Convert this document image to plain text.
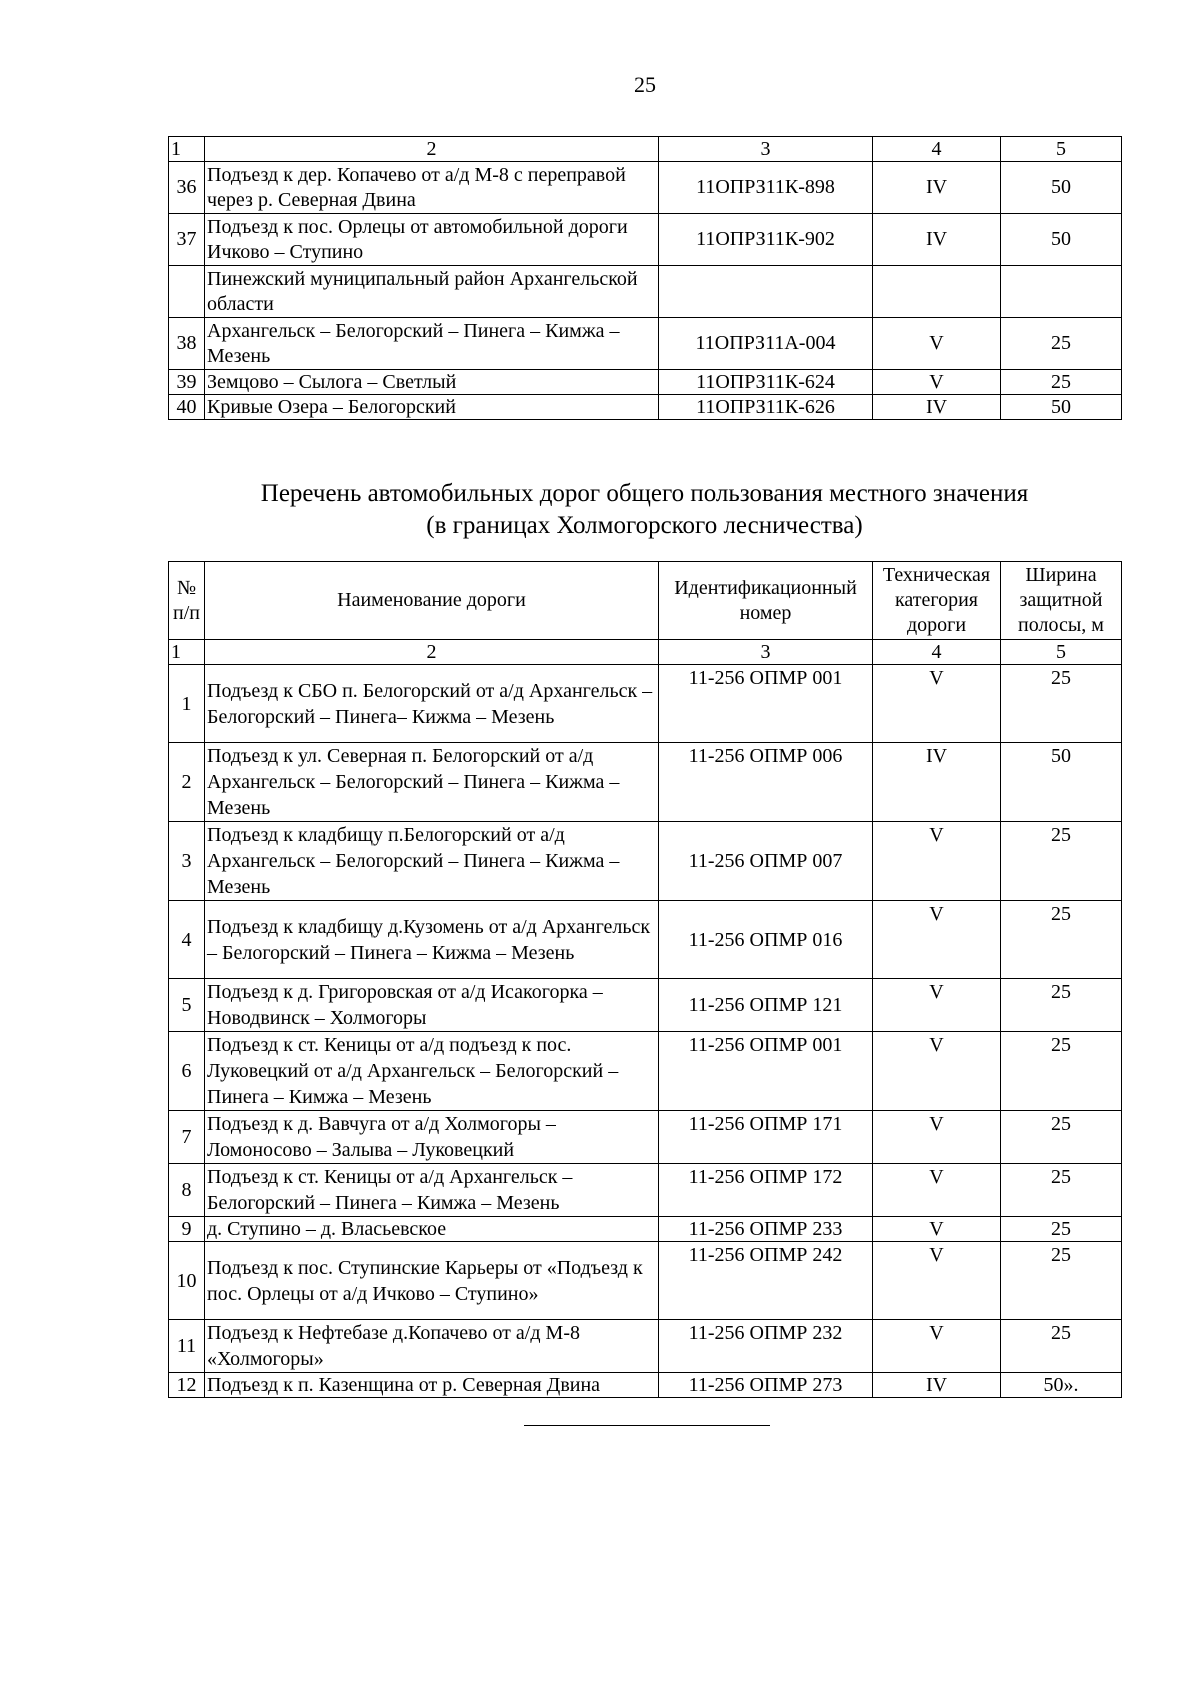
25
1	2	3	4	5
36	Подъезд к дер. Копачево от а/д М-8 с переправой через р. Северная Двина	11ОПРЗ11К-898	IV	50
37	Подъезд к пос. Орлецы от автомобильной дороги Ичково – Ступино	11ОПРЗ11К-902	IV	50
	Пинежский муниципальный район Архангельской области			
38	Архангельск – Белогорский – Пинега – Кимжа – Мезень	11ОПРЗ11А-004	V	25
39	Земцово – Сылога – Светлый	11ОПРЗ11К-624	V	25
40	Кривые Озера – Белогорский	11ОПРЗ11К-626	IV	50
Перечень автомобильных дорог общего пользования местного значения
(в границах Холмогорского лесничества)
№ п/п	Наименование дороги	Идентификационный номер	Техническая категория дороги	Ширина защитной полосы, м
1	2	3	4	5
1	Подъезд к СБО п. Белогорский от а/д Архангельск – Белогорский – Пинега– Кижма – Мезень	11-256 ОПМР 001	V	25
2	Подъезд к ул. Северная п. Белогорский от а/д Архангельск – Белогорский – Пинега – Кижма – Мезень	11-256 ОПМР 006	IV	50
3	Подъезд к кладбищу п.Белогорский от а/д Архангельск – Белогорский – Пинега – Кижма – Мезень	11-256 ОПМР 007	V	25
4	Подъезд к кладбищу д.Кузомень от а/д Архангельск – Белогорский – Пинега – Кижма – Мезень	11-256 ОПМР 016	V	25
5	Подъезд к д. Григоровская от а/д Исакогорка – Новодвинск – Холмогоры	11-256 ОПМР 121	V	25
6	Подъезд к ст. Кеницы от а/д подъезд к пос. Луковецкий от а/д Архангельск – Белогорский – Пинега – Кимжа – Мезень	11-256 ОПМР 001	V	25
7	Подъезд к д. Вавчуга от а/д Холмогоры – Ломоносово – Залыва – Луковецкий	11-256 ОПМР 171	V	25
8	Подъезд к ст. Кеницы от а/д Архангельск – Белогорский – Пинега – Кимжа – Мезень	11-256 ОПМР 172	V	25
9	д. Ступино – д. Власьевское	11-256 ОПМР 233	V	25
10	Подъезд к пос. Ступинские Карьеры от «Подъезд к пос. Орлецы от а/д Ичково – Ступино»	11-256 ОПМР 242	V	25
11	Подъезд к Нефтебазе д.Копачево от а/д М-8 «Холмогоры»	11-256 ОПМР 232	V	25
12	Подъезд к п. Казенщина от р. Северная Двина	11-256 ОПМР 273	IV	50».
